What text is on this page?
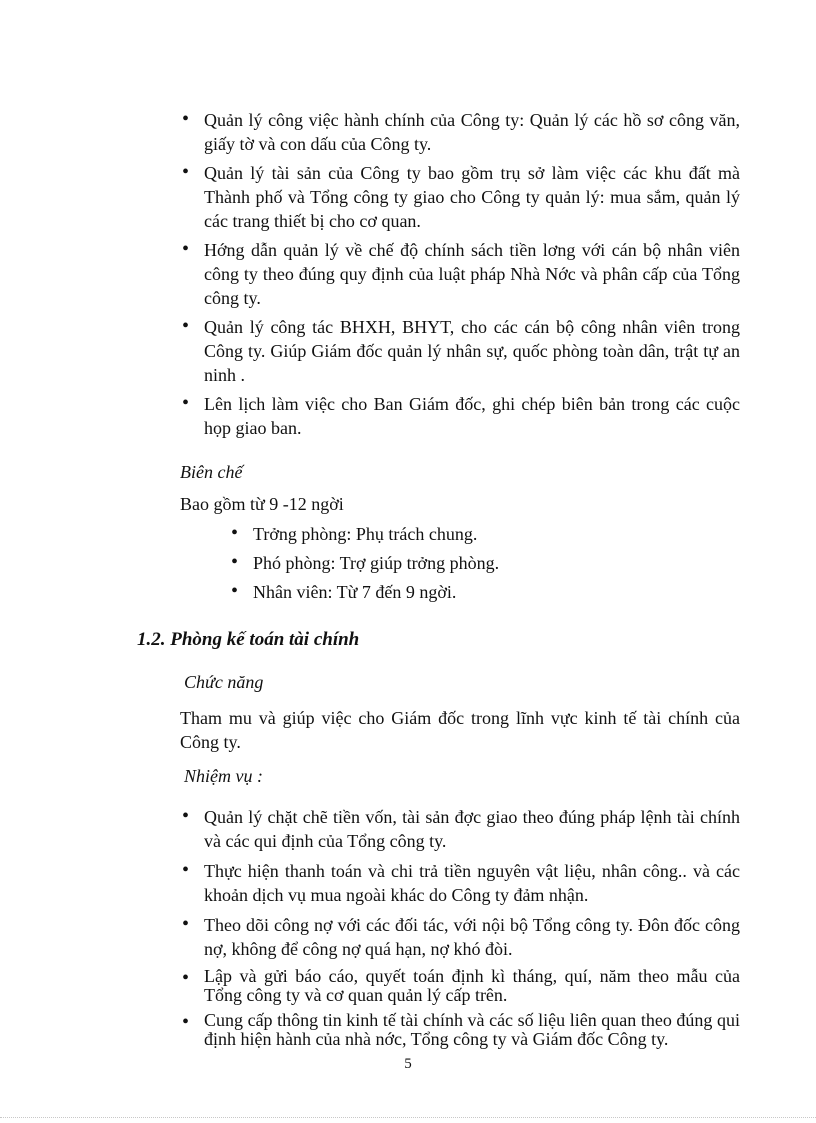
• Quản lý công việc hành chính của Công ty: Quản lý các hồ sơ công văn, giấy tờ và con dấu của Công ty.
• Quản lý tài sản của Công ty bao gồm trụ sở làm việc các khu đất mà Thành phố và Tổng công ty giao cho Công ty quản lý: mua sắm, quản lý các trang thiết bị cho cơ quan.
• Hớng dẫn quản lý về chế độ chính sách tiền lơng với cán bộ nhân viên công ty theo đúng quy định của luật pháp Nhà Nớc và phân cấp của Tổng công ty.
• Quản lý công tác BHXH, BHYT, cho các cán bộ công nhân viên trong Công ty. Giúp Giám đốc quản lý nhân sự, quốc phòng toàn dân, trật tự an ninh .
• Lên lịch làm việc cho Ban Giám đốc, ghi chép biên bản trong các cuộc họp giao ban.

Biên chế

Bao gồm từ 9 -12 ngời

• Trởng phòng: Phụ trách chung.
• Phó phòng: Trợ giúp trởng phòng.
• Nhân viên: Từ 7 đến 9 ngời.

1.2. Phòng kế toán tài chính

Chức năng

Tham mu và giúp việc cho Giám đốc trong lĩnh vực kinh tế tài chính của Công ty.

Nhiệm vụ :

• Quản lý chặt chẽ tiền vốn, tài sản đợc giao theo đúng pháp lệnh tài chính và các qui định của Tổng công ty.
• Thực hiện thanh toán và chi trả tiền nguyên vật liệu, nhân công.. và các khoản dịch vụ mua ngoài khác do Công ty đảm nhận.
• Theo dõi công nợ với các đối tác, với nội bộ Tổng công ty. Đôn đốc công nợ, không để công nợ quá hạn, nợ khó đòi.
• Lập và gửi báo cáo, quyết toán định kì tháng, quí, năm theo mẫu của Tổng công ty và cơ quan quản lý cấp trên.
• Cung cấp thông tin kinh tế tài chính và các số liệu liên quan theo đúng qui định hiện hành của nhà nớc, Tổng công ty và Giám đốc Công ty.

5
